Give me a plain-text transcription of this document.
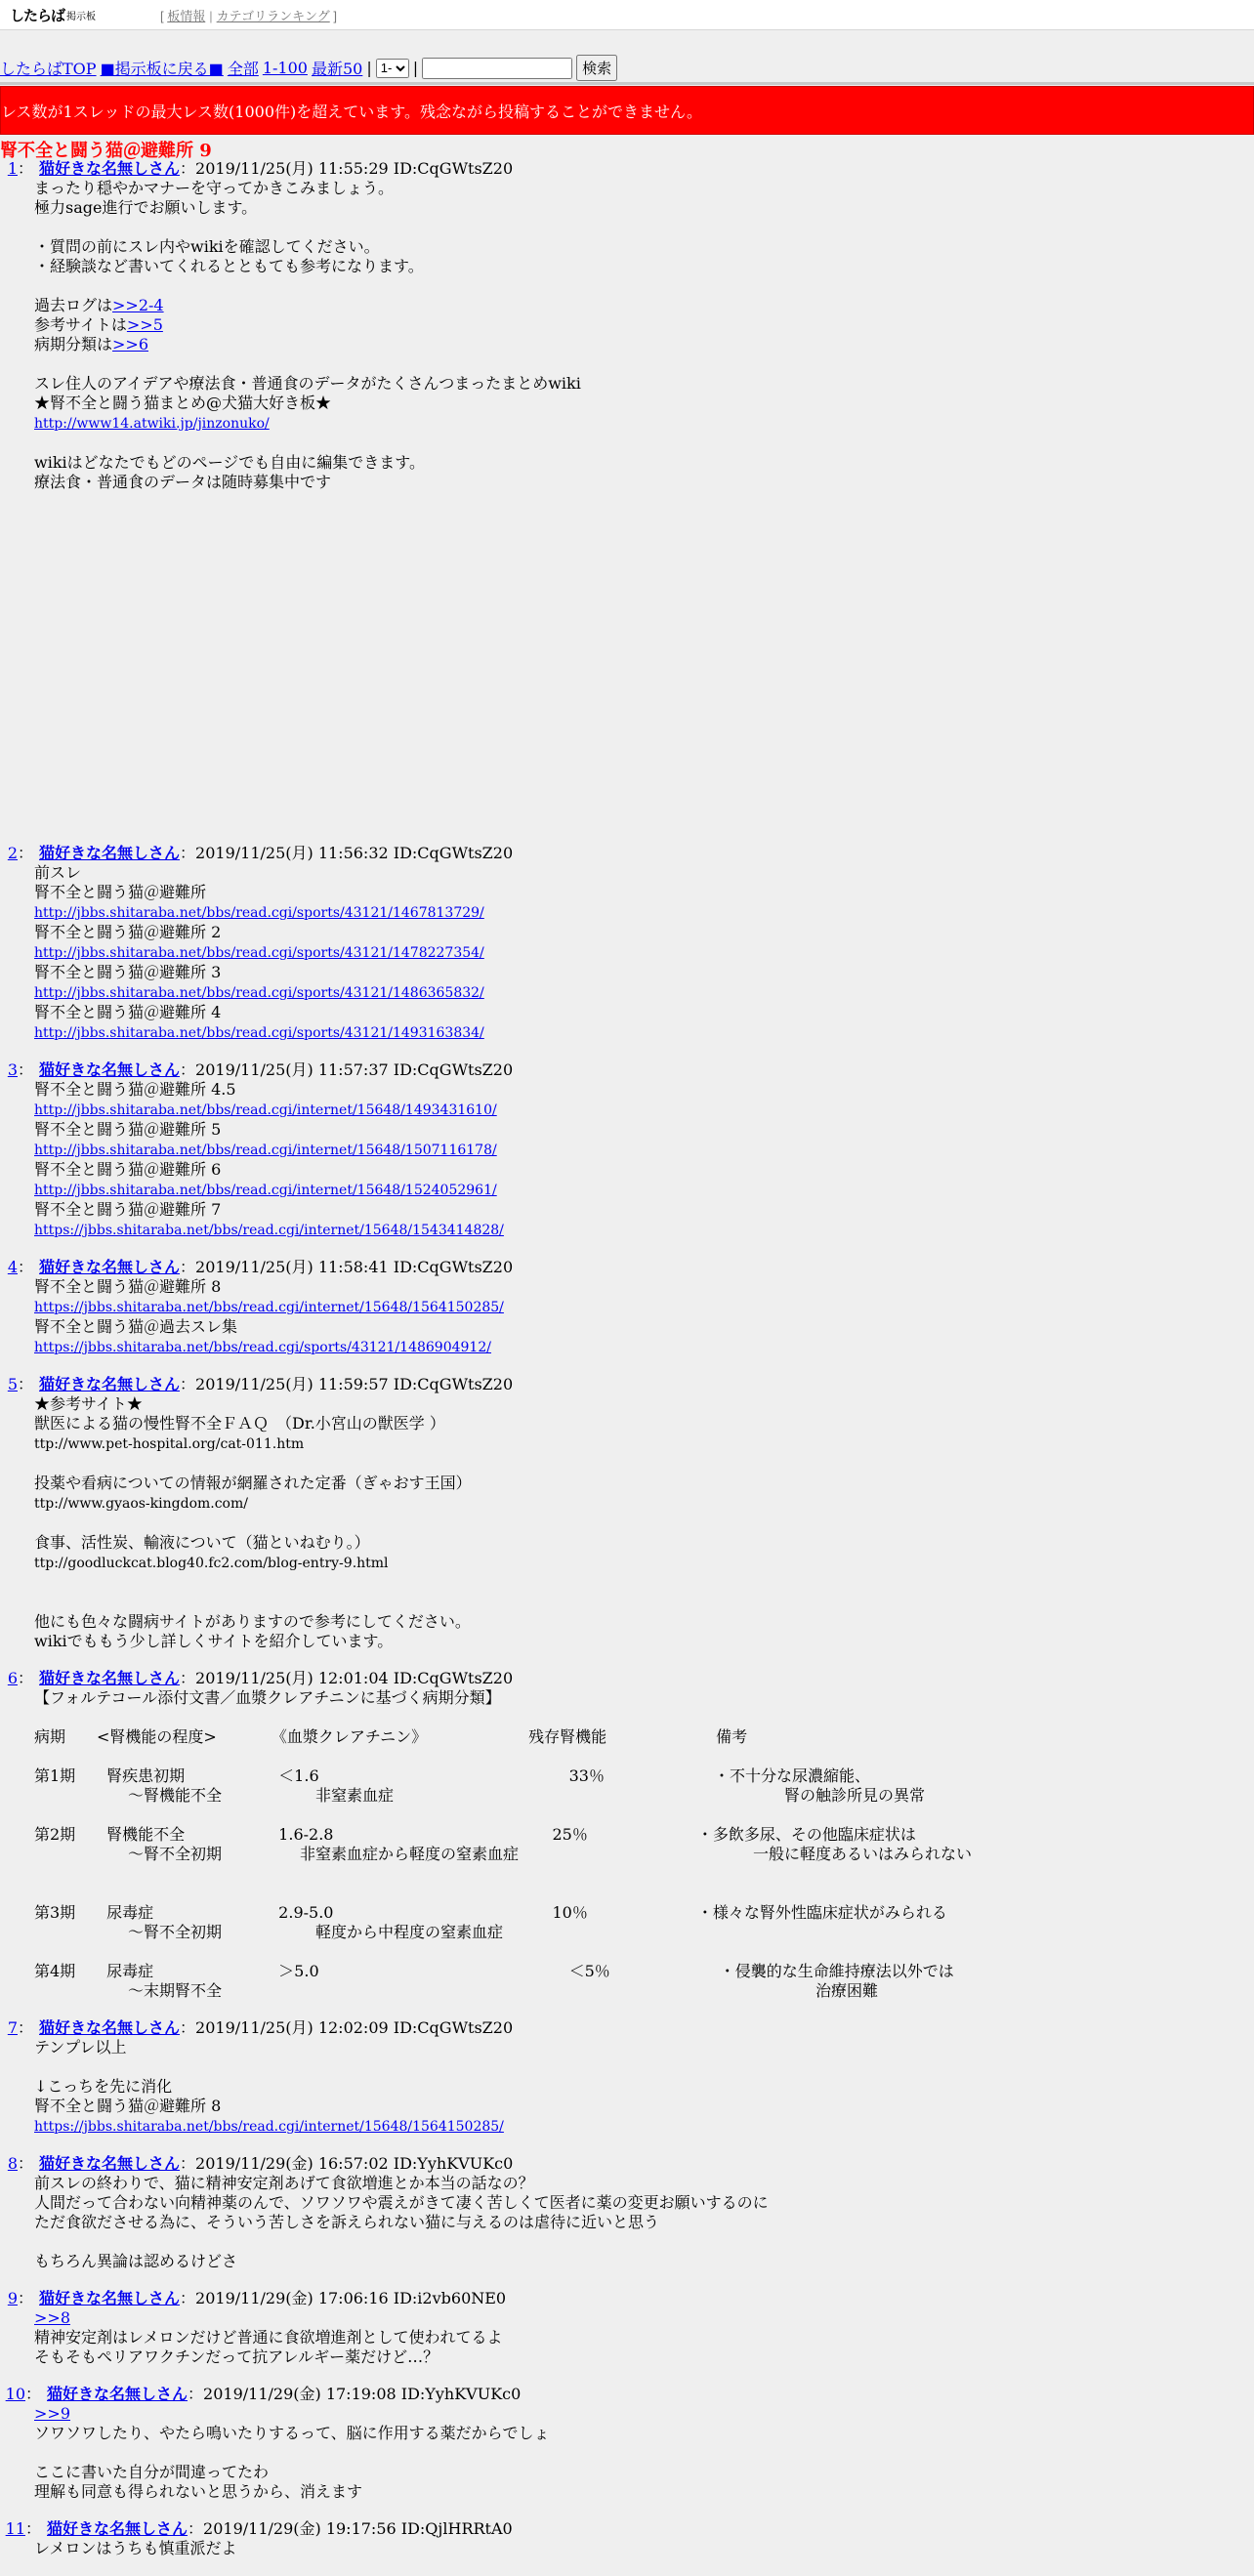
したらば 掲示板	[ 板情報 | カテゴリランキング ]
したらばTOP ■掲示板に戻る■ 全部 1-100 最新50 |
1-	|	検索
レス数が1スレッドの最大レス数(1000件)を超えています。残念ながら投稿することができません。
腎不全と闘う猫＠避難所 9
1 ： 猫好きな名無しさん ：2019/11/25(月) 11:55:29 ID:CqGWtsZ20
まったり穏やかマナーを守ってかきこみましょう。
極力sage進行でお願いします。

・質問の前にスレ内やwikiを確認してください。
・経験談など書いてくれるとともても参考になります。

過去ログは>>2-4
参考サイトは>>5
病期分類は>>6

スレ住人のアイデアや療法食・普通食のデータがたくさんつまったまとめwiki
★腎不全と闘う猫まとめ@犬猫大好き板★
http://www14.atwiki.jp/jinzonuko/

wikiはどなたでもどのページでも自由に編集できます。
療法食・普通食のデータは随時募集中です
2 ： 猫好きな名無しさん ：2019/11/25(月) 11:56:32 ID:CqGWtsZ20
前スレ
腎不全と闘う猫＠避難所
http://jbbs.shitaraba.net/bbs/read.cgi/sports/43121/1467813729/
腎不全と闘う猫＠避難所 2
http://jbbs.shitaraba.net/bbs/read.cgi/sports/43121/1478227354/
腎不全と闘う猫＠避難所 3
http://jbbs.shitaraba.net/bbs/read.cgi/sports/43121/1486365832/
腎不全と闘う猫＠避難所 4
http://jbbs.shitaraba.net/bbs/read.cgi/sports/43121/1493163834/
3 ： 猫好きな名無しさん ：2019/11/25(月) 11:57:37 ID:CqGWtsZ20
腎不全と闘う猫＠避難所 4.5
http://jbbs.shitaraba.net/bbs/read.cgi/internet/15648/1493431610/
腎不全と闘う猫＠避難所 5
http://jbbs.shitaraba.net/bbs/read.cgi/internet/15648/1507116178/
腎不全と闘う猫＠避難所 6
http://jbbs.shitaraba.net/bbs/read.cgi/internet/15648/1524052961/
腎不全と闘う猫＠避難所 7
https://jbbs.shitaraba.net/bbs/read.cgi/internet/15648/1543414828/
4 ： 猫好きな名無しさん ：2019/11/25(月) 11:58:41 ID:CqGWtsZ20
腎不全と闘う猫＠避難所 8
https://jbbs.shitaraba.net/bbs/read.cgi/internet/15648/1564150285/
腎不全と闘う猫＠過去スレ集
https://jbbs.shitaraba.net/bbs/read.cgi/sports/43121/1486904912/
5 ： 猫好きな名無しさん ：2019/11/25(月) 11:59:57 ID:CqGWtsZ20
★参考サイト★
獣医による猫の慢性腎不全ＦＡＱ　（Dr.小宮山の獣医学 ）
ttp://www.pet-hospital.org/cat-011.htm

投薬や看病についての情報が網羅された定番（ぎゃおす王国）
ttp://www.gyaos-kingdom.com/

食事、活性炭、輸液について（猫といねむり。）
ttp://goodluckcat.blog40.fc2.com/blog-entry-9.html

他にも色々な闘病サイトがありますので参考にしてください。
wikiでももう少し詳しくサイトを紹介しています。
6 ： 猫好きな名無しさん ：2019/11/25(月) 12:01:04 ID:CqGWtsZ20
【フォルテコール添付文書／血漿クレアチニンに基づく病期分類】

病期　　<腎機能の程度>　　　　《血漿クレアチニン》　　　　　　　残存腎機能　　　　　　　備考

第1期　　腎疾患初期　　　　　　＜1.6　　　　　　　　　　　　　　　　33％　　　　　　　・不十分な尿濃縮能、
　　　　　　～腎機能不全　　　　　　非窒素血症　　　　　　　　　　　　　　　　　　　　　　　　　腎の触診所見の異常

第2期　　腎機能不全　　　　　　1.6-2.8　　　　　　　　　　　　　　25％　　　　　　　・多飲多尿、その他臨床症状は
　　　　　　～腎不全初期　　　　　非窒素血症から軽度の窒素血症　　　　　　　　　　　　　　　一般に軽度あるいはみられない

第3期　　尿毒症　　　　　　　　2.9-5.0　　　　　　　　　　　　　　10％　　　　　　　・様々な腎外性臨床症状がみられる
　　　　　　～腎不全初期　　　　　　軽度から中程度の窒素血症

第4期　　尿毒症　　　　　　　　＞5.0　　　　　　　　　　　　　　　　＜5％　　　　　　　・侵襲的な生命維持療法以外では
　　　　　　～末期腎不全　　　　　　　　　　　　　　　　　　　　　　　　　　　　　　　　　　　　　　治療困難
7 ： 猫好きな名無しさん ：2019/11/25(月) 12:02:09 ID:CqGWtsZ20
テンプレ以上

↓こっちを先に消化
腎不全と闘う猫＠避難所 8
https://jbbs.shitaraba.net/bbs/read.cgi/internet/15648/1564150285/
8 ： 猫好きな名無しさん ：2019/11/29(金) 16:57:02 ID:YyhKVUKc0
前スレの終わりで、猫に精神安定剤あげて食欲増進とか本当の話なの？
人間だって合わない向精神薬のんで、ソワソワや震えがきて凄く苦しくて医者に薬の変更お願いするのに
ただ食欲ださせる為に、そういう苦しさを訴えられない猫に与えるのは虐待に近いと思う

もちろん異論は認めるけどさ
9 ： 猫好きな名無しさん ：2019/11/29(金) 17:06:16 ID:i2vb60NE0
>>8
精神安定剤はレメロンだけど普通に食欲増進剤として使われてるよ
そもそもペリアワクチンだって抗アレルギー薬だけど…？
10 ： 猫好きな名無しさん ：2019/11/29(金) 17:19:08 ID:YyhKVUKc0
>>9
ソワソワしたり、やたら鳴いたりするって、脳に作用する薬だからでしょ

ここに書いた自分が間違ってたわ
理解も同意も得られないと思うから、消えます
11 ： 猫好きな名無しさん ：2019/11/29(金) 19:17:56 ID:QjlHRRtA0
レメロンはうちも慎重派だよ
